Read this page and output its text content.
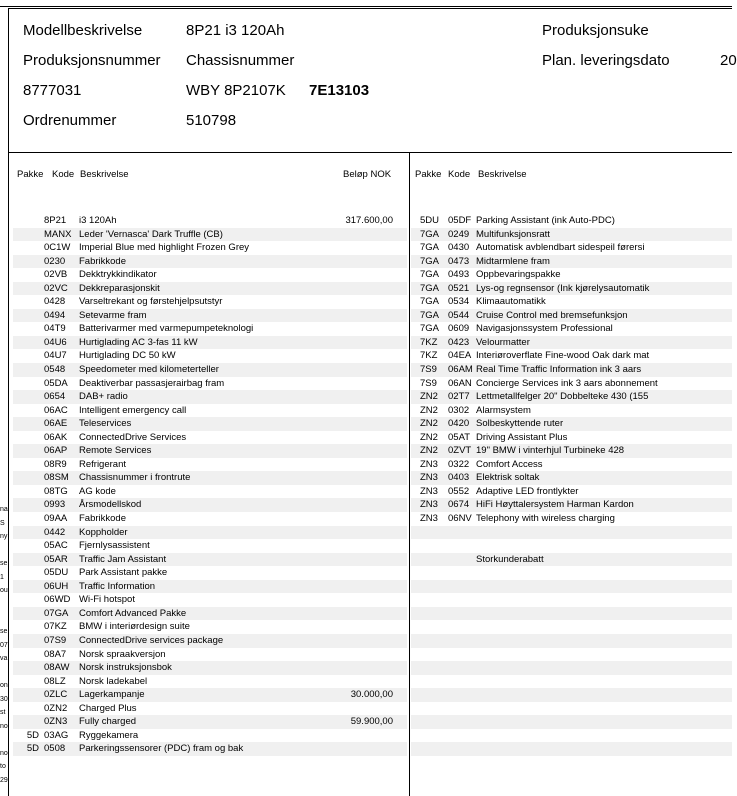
Modellbeskrivelse	8P21 i3 120Ah	Produksjonsuke
Produksjonsnummer Chassisnummer	Plan. leveringsdato	20
8777031	WBY 8P2107K 7E13103
Ordrenummer	510798
Pakke Kode Beskrivelse	Beløp NOK	Pakke Kode Beskrivelse
8P21 i3 120Ah	317.600,00
MANX Leder 'Vernasca' Dark Truffle (CB)
0C1W Imperial Blue med highlight Frozen Grey
0230 Fabrikkode
02VB Dekktrykkindikator
02VC Dekkreparasjonskit
0428 Varseltrekant og førstehjelpsutstyr
0494 Setevarme fram
04T9 Batterivarmer med varmepumpeteknologi
04U6 Hurtiglading AC 3-fas 11 kW
04U7 Hurtiglading DC 50 kW
0548 Speedometer med kilometerteller
05DA Deaktiverbar passasjerairbag fram
0654 DAB+ radio
06AC Intelligent emergency call
06AE Teleservices
06AK ConnectedDrive Services
06AP Remote Services
08R9 Refrigerant
08SM Chassisnummer i frontrute
08TG AG kode
0993 Årsmodellskod
09AA Fabrikkode
0442 Koppholder
05AC Fjernlysassistent
05AR Traffic Jam Assistant
05DU Park Assistant pakke
06UH Traffic Information
06WD Wi-Fi hotspot
07GA Comfort Advanced Pakke
07KZ BMW i interiørdesign suite
07S9 ConnectedDrive services package
08A7 Norsk spraakversjon
08AW Norsk instruksjonsbok
08LZ Norsk ladekabel
0ZLC Lagerkampanje	30.000,00
0ZN2 Charged Plus
0ZN3 Fully charged	59.900,00
5D 03AG Ryggekamera
5D 0508 Parkeringssensorer (PDC) fram og bak
5DU 05DF Parking Assistant (ink Auto-PDC)
7GA 0249 Multifunksjonsratt
7GA 0430 Automatisk avblendbart sidespeil førersi
7GA 0473 Midtarmlene fram
7GA 0493 Oppbevaringspakke
7GA 0521 Lys-og regnsensor (Ink kjørelysautomatik
7GA 0534 Klimaautomatikk
7GA 0544 Cruise Control med bremsefunksjon
7GA 0609 Navigasjonssystem Professional
7KZ 0423 Velourmatter
7KZ 04EA Interiøroverflate Fine-wood Oak dark mat
7S9 06AM Real Time Traffic Information ink 3 aars
7S9 06AN Concierge Services ink 3 aars abonnement
ZN2 02T7 Lettmetallfelger 20" Dobbelteke 430 (155
ZN2 0302 Alarmsystem
ZN2 0420 Solbeskyttende ruter
ZN2 05AT Driving Assistant Plus
ZN2 0ZVT 19" BMW i vinterhjul Turbineke 428
ZN3 0322 Comfort Access
ZN3 0403 Elektrisk soltak
ZN3 0552 Adaptive LED frontlykter
ZN3 0674 HiFi Høyttalersystem Harman Kardon
ZN3 06NV Telephony with wireless charging
Storkunderabatt
na
S
ny
se
1
ou
se
07
va
on
30
st
no
no
to
29
